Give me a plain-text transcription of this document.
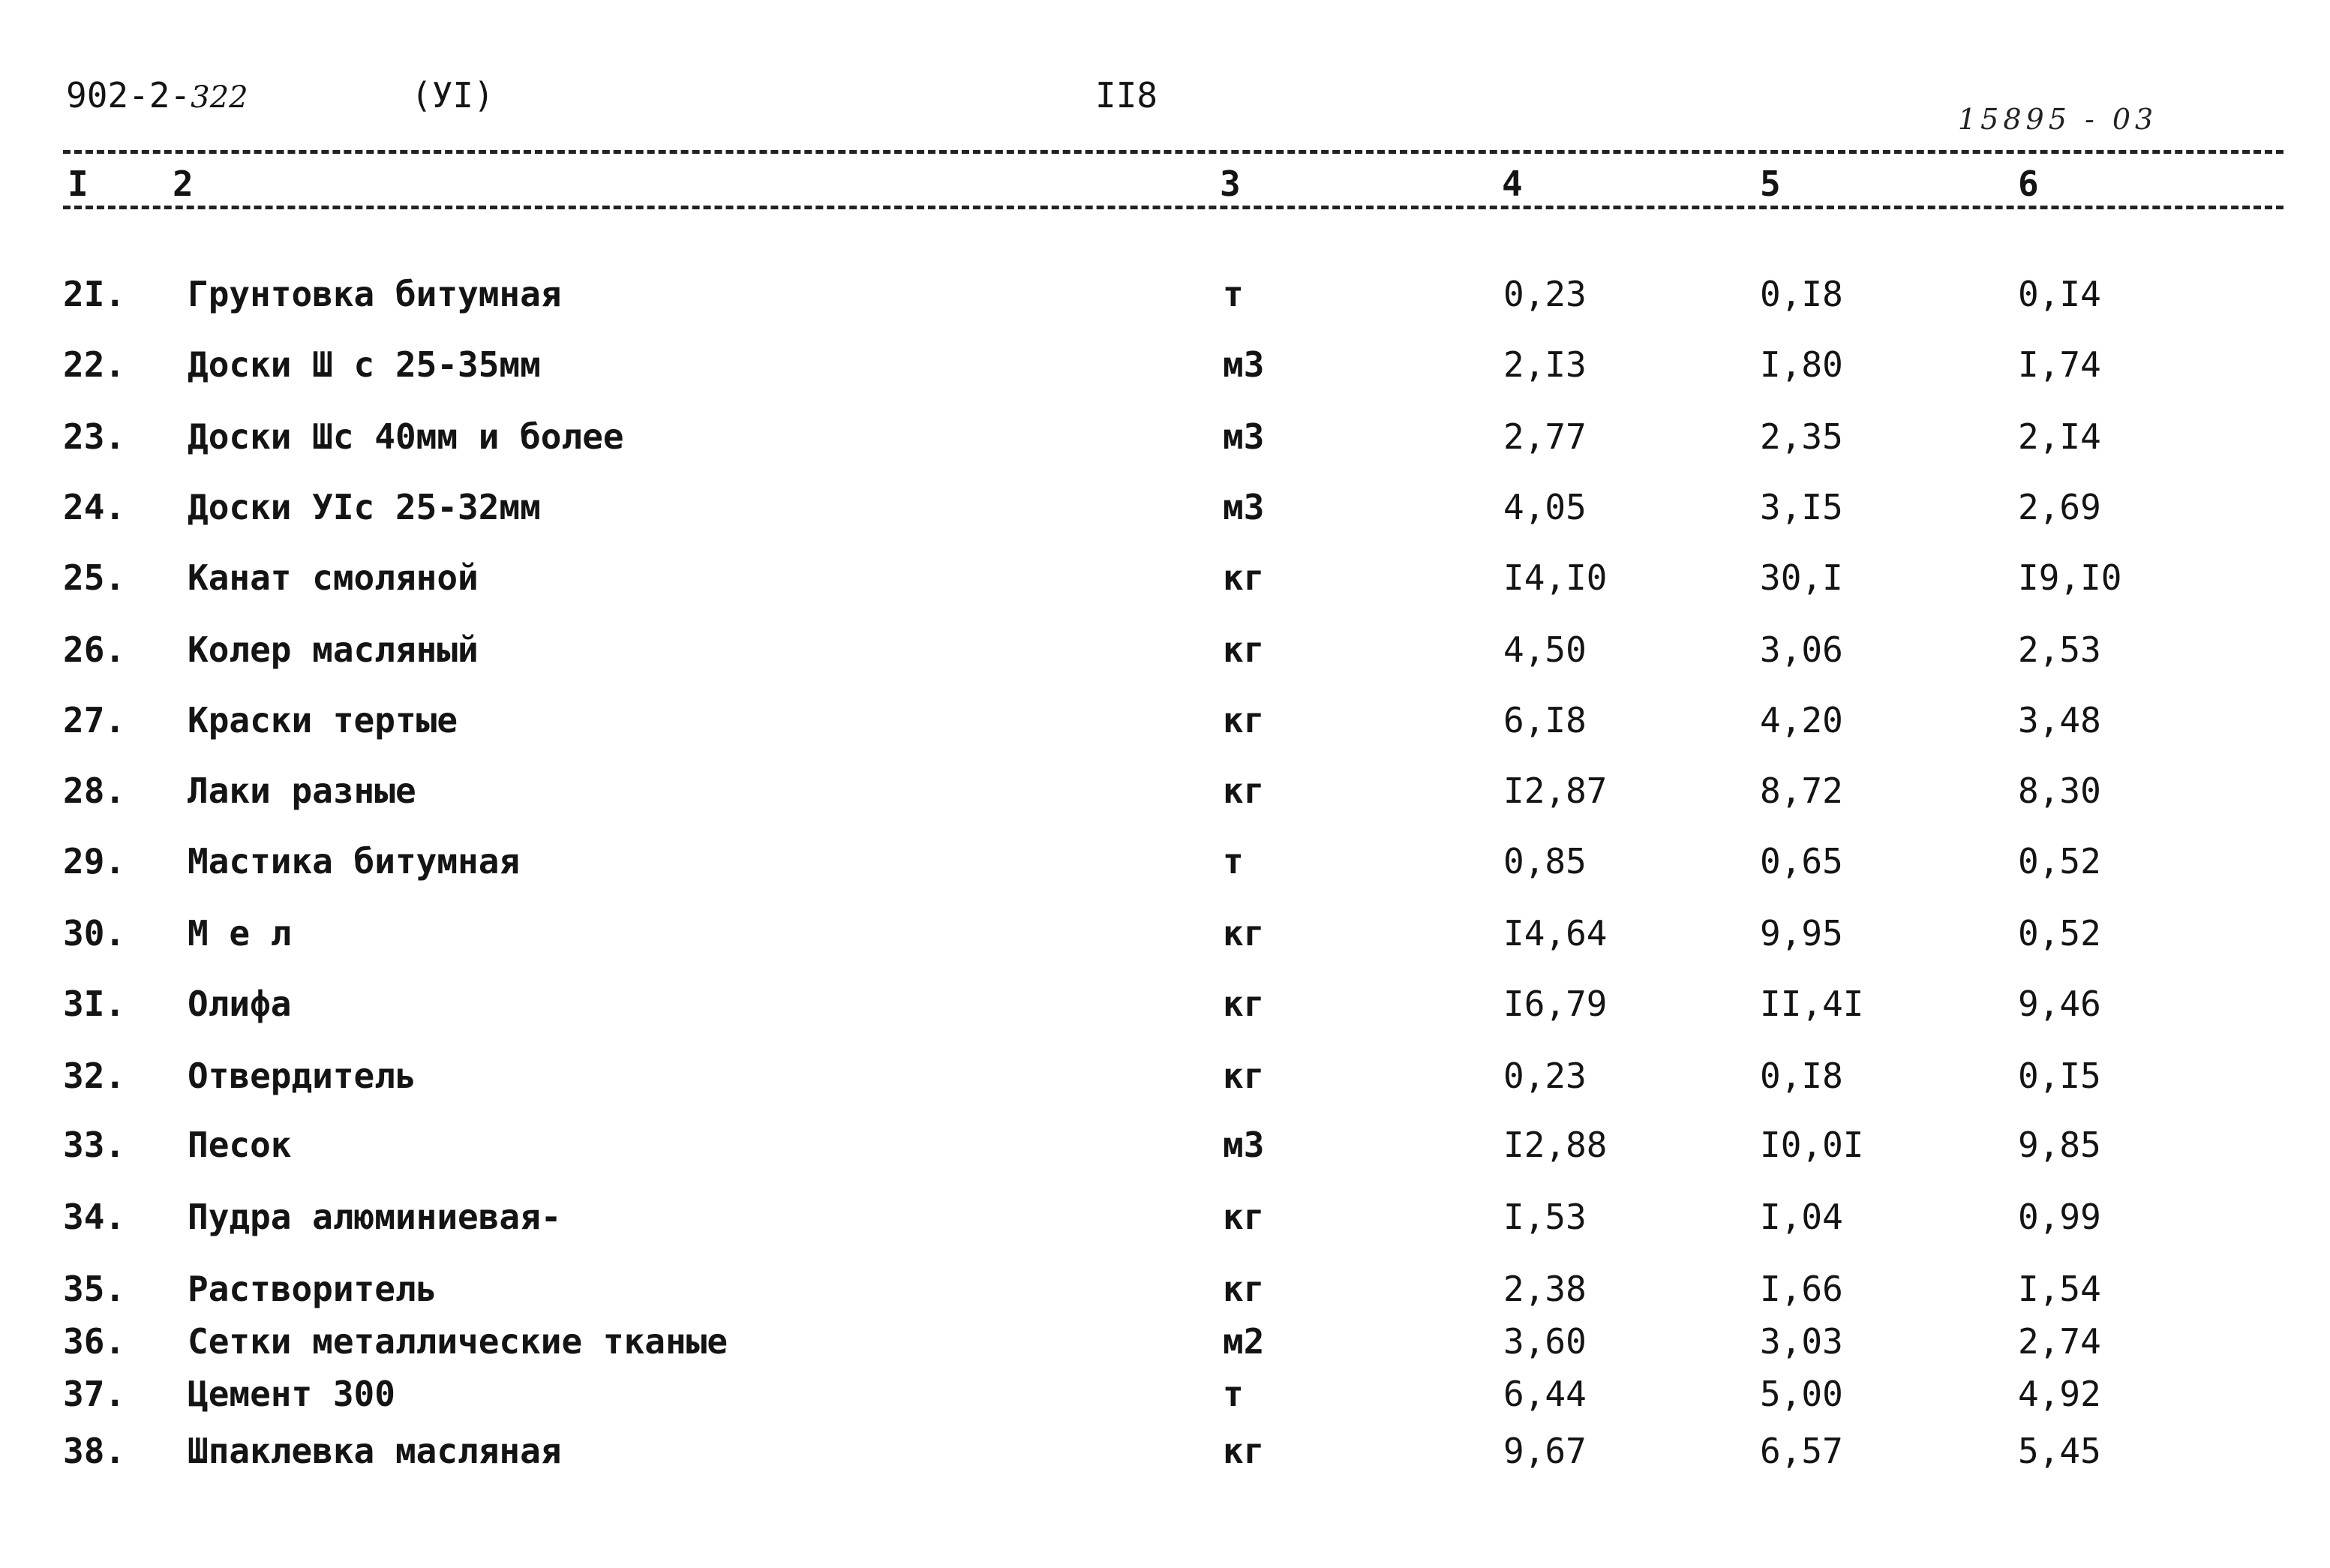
902-2-322	(УI)	II8
15895 - 03
I 2	3	4	5	6
2I. Грунтовка битумная	т	0,23	0,I8	0,I4
22. Доски Ш с 25-35мм	м3	2,I3	I,80	I,74
23. Доски Шс 40мм и более	м3	2,77	2,35	2,I4
24. Доски УIс 25-32мм	м3	4,05	3,I5	2,69
25. Канат смоляной	кг	I4,I0	30,I	I9,I0
26. Колер масляный	кг	4,50	3,06	2,53
27. Краски тертые	кг	6,I8	4,20	3,48
28. Лаки разные	кг	I2,87	8,72	8,30
29. Мастика битумная	т	0,85	0,65	0,52
30. М е л	кг	I4,64	9,95	0,52
3I. Олифа	кг	I6,79	II,4I	9,46
32. Отвердитель	кг	0,23	0,I8	0,I5
33. Песок	м3	I2,88	I0,0I	9,85
34. Пудра алюминиевая-	кг	I,53	I,04	0,99
35. Растворитель	кг	2,38	I,66	I,54
36. Сетки металлические тканые	м2	3,60	3,03	2,74
37. Цемент 300	т	6,44	5,00	4,92
38. Шпаклевка масляная	кг	9,67	6,57	5,45
